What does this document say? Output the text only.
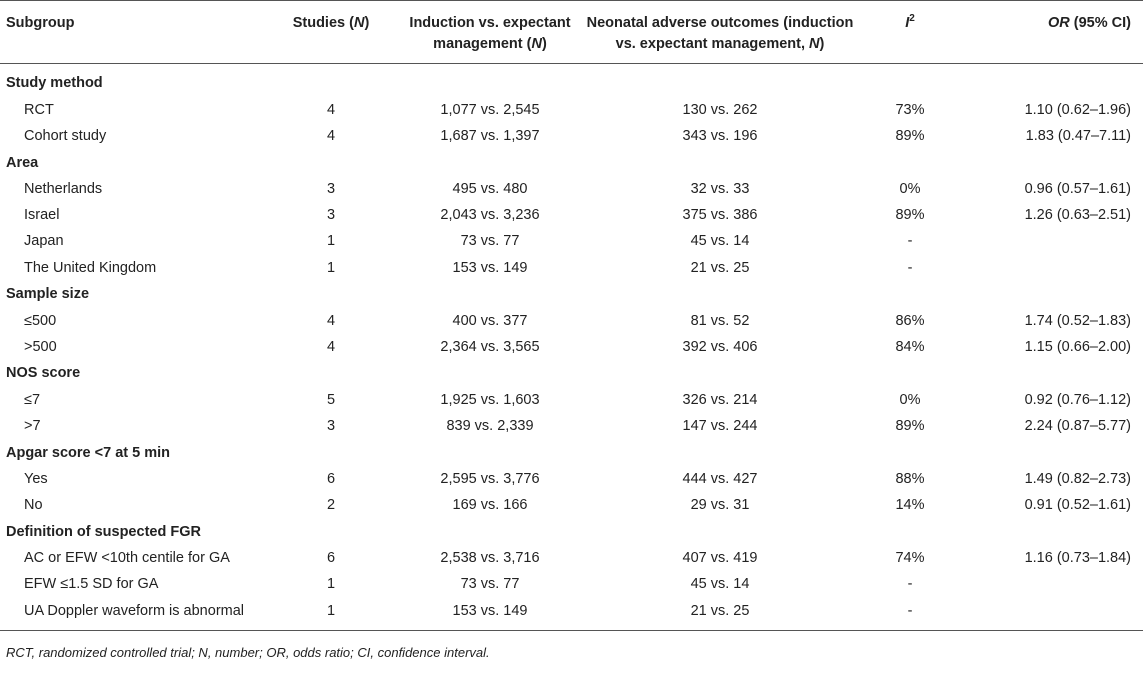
Subgroup	Studies (N)	Induction vs. expectant management (N)	Neonatal adverse outcomes (induction vs. expectant management, N)	$I^2$	OR (95% CI)
Study method					
RCT	4	1,077 vs. 2,545	130 vs. 262	73%	1.10 (0.62–1.96)
Cohort study	4	1,687 vs. 1,397	343 vs. 196	89%	1.83 (0.47–7.11)
Area					
Netherlands	3	495 vs. 480	32 vs. 33	0%	0.96 (0.57–1.61)
Israel	3	2,043 vs. 3,236	375 vs. 386	89%	1.26 (0.63–2.51)
Japan	1	73 vs. 77	45 vs. 14	-	
The United Kingdom	1	153 vs. 149	21 vs. 25	-	
Sample size					
≤500	4	400 vs. 377	81 vs. 52	86%	1.74 (0.52–1.83)
>500	4	2,364 vs. 3,565	392 vs. 406	84%	1.15 (0.66–2.00)
NOS score					
≤7	5	1,925 vs. 1,603	326 vs. 214	0%	0.92 (0.76–1.12)
>7	3	839 vs. 2,339	147 vs. 244	89%	2.24 (0.87–5.77)
Apgar score <7 at 5 min					
Yes	6	2,595 vs. 3,776	444 vs. 427	88%	1.49 (0.82–2.73)
No	2	169 vs. 166	29 vs. 31	14%	0.91 (0.52–1.61)
Definition of suspected FGR					
AC or EFW <10th centile for GA	6	2,538 vs. 3,716	407 vs. 419	74%	1.16 (0.73–1.84)
EFW ≤1.5 SD for GA	1	73 vs. 77	45 vs. 14	-	
UA Doppler waveform is abnormal	1	153 vs. 149	21 vs. 25	-	
RCT, randomized controlled trial; N, number; OR, odds ratio; CI, confidence interval.
